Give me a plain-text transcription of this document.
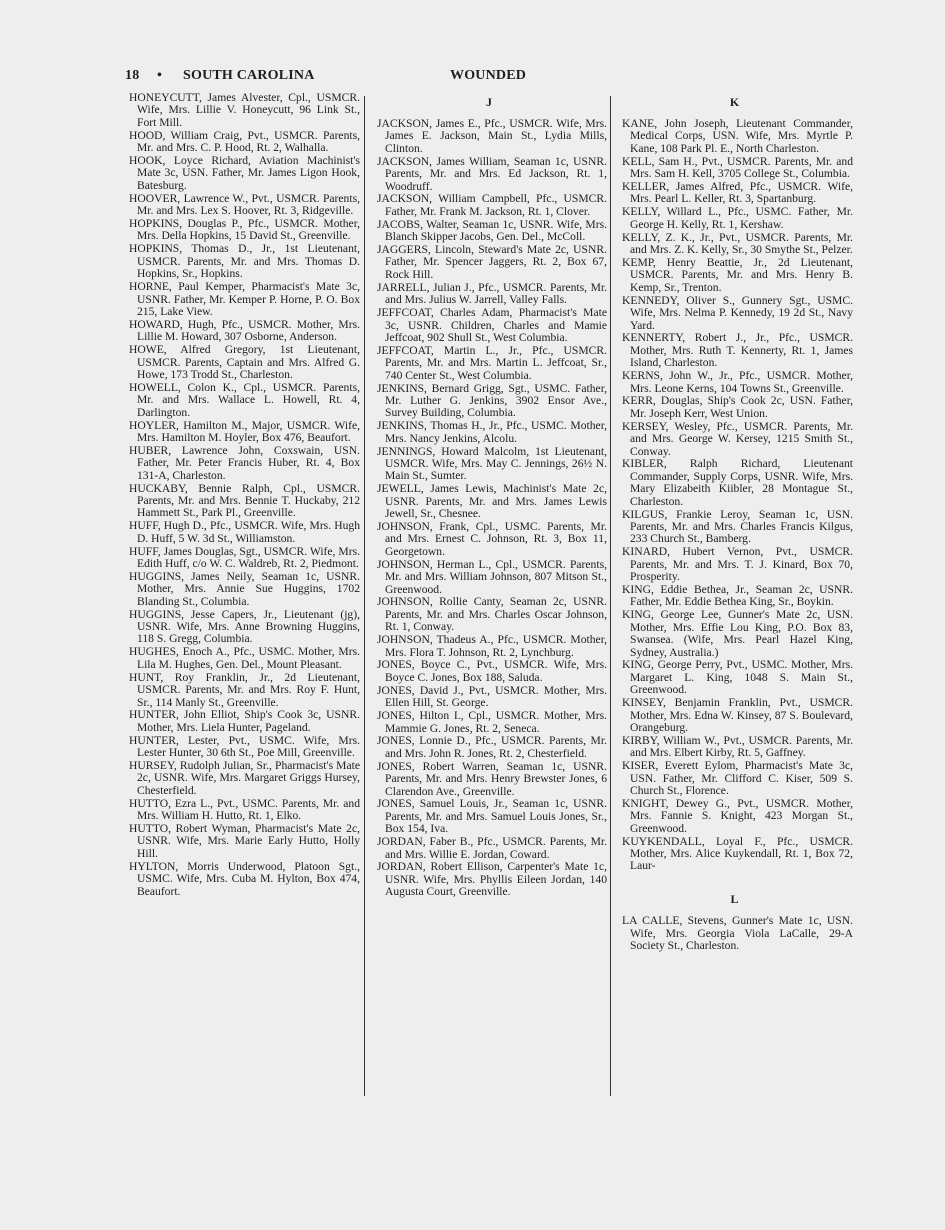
18 • SOUTH CAROLINA	WOUNDED

HONEYCUTT, James Alvester, Cpl., USMCR. Wife, Mrs. Lillie V. Honeycutt, 96 Link St., Fort Mill.

HOOD, William Craig, Pvt., USMCR. Parents, Mr. and Mrs. C. P. Hood, Rt. 2, Walhalla.

HOOK, Loyce Richard, Aviation Machinist's Mate 3c, USN. Father, Mr. James Ligon Hook, Batesburg.

HOOVER, Lawrence W., Pvt., USMCR. Parents, Mr. and Mrs. Lex S. Hoover, Rt. 3, Ridgeville.

HOPKINS, Douglas P., Pfc., USMCR. Mother, Mrs. Della Hopkins, 15 David St., Greenville.

HOPKINS, Thomas D., Jr., 1st Lieutenant, USMCR. Parents, Mr. and Mrs. Thomas D. Hopkins, Sr., Hopkins.

HORNE, Paul Kemper, Pharmacist's Mate 3c, USNR. Father, Mr. Kemper P. Horne, P. O. Box 215, Lake View.

HOWARD, Hugh, Pfc., USMCR. Mother, Mrs. Lillie M. Howard, 307 Osborne, Anderson.

HOWE, Alfred Gregory, 1st Lieutenant, USMCR. Parents, Captain and Mrs. Alfred G. Howe, 173 Trodd St., Charleston.

HOWELL, Colon K., Cpl., USMCR. Parents, Mr. and Mrs. Wallace L. Howell, Rt. 4, Darlington.

HOYLER, Hamilton M., Major, USMCR. Wife, Mrs. Hamilton M. Hoyler, Box 476, Beaufort.

HUBER, Lawrence John, Coxswain, USN. Father, Mr. Peter Francis Huber, Rt. 4, Box 131-A, Charleston.

HUCKABY, Bennie Ralph, Cpl., USMCR. Parents, Mr. and Mrs. Bennie T. Huckaby, 212 Hammett St., Park Pl., Greenville.

HUFF, Hugh D., Pfc., USMCR. Wife, Mrs. Hugh D. Huff, 5 W. 3d St., Williamston.

HUFF, James Douglas, Sgt., USMCR. Wife, Mrs. Edith Huff, c/o W. C. Waldreb, Rt. 2, Piedmont.

HUGGINS, James Neily, Seaman 1c, USNR. Mother, Mrs. Annie Sue Huggins, 1702 Blanding St., Columbia.

HUGGINS, Jesse Capers, Jr., Lieutenant (jg), USNR. Wife, Mrs. Anne Browning Huggins, 118 S. Gregg, Columbia.

HUGHES, Enoch A., Pfc., USMC. Mother, Mrs. Lila M. Hughes, Gen. Del., Mount Pleasant.

HUNT, Roy Franklin, Jr., 2d Lieutenant, USMCR. Parents, Mr. and Mrs. Roy F. Hunt, Sr., 114 Manly St., Greenville.

HUNTER, John Elliot, Ship's Cook 3c, USNR. Mother, Mrs. Liela Hunter, Pageland.

HUNTER, Lester, Pvt., USMC. Wife, Mrs. Lester Hunter, 30 6th St., Poe Mill, Greenville.

HURSEY, Rudolph Julian, Sr., Pharmacist's Mate 2c, USNR. Wife, Mrs. Margaret Griggs Hursey, Chesterfield.

HUTTO, Ezra L., Pvt., USMC. Parents, Mr. and Mrs. William H. Hutto, Rt. 1, Elko.

HUTTO, Robert Wyman, Pharmacist's Mate 2c, USNR. Wife, Mrs. Marie Early Hutto, Holly Hill.

HYLTON, Morris Underwood, Platoon Sgt., USMC. Wife, Mrs. Cuba M. Hylton, Box 474, Beaufort.

J

JACKSON, James E., Pfc., USMCR. Wife, Mrs. James E. Jackson, Main St., Lydia Mills, Clinton.

JACKSON, James William, Seaman 1c, USNR. Parents, Mr. and Mrs. Ed Jackson, Rt. 1, Woodruff.

JACKSON, William Campbell, Pfc., USMCR. Father, Mr. Frank M. Jackson, Rt. 1, Clover.

JACOBS, Walter, Seaman 1c, USNR. Wife, Mrs. Blanch Skipper Jacobs, Gen. Del., McColl.

JAGGERS, Lincoln, Steward's Mate 2c, USNR. Father, Mr. Spencer Jaggers, Rt. 2, Box 67, Rock Hill.

JARRELL, Julian J., Pfc., USMCR. Parents, Mr. and Mrs. Julius W. Jarrell, Valley Falls.

JEFFCOAT, Charles Adam, Pharmacist's Mate 3c, USNR. Children, Charles and Mamie Jeffcoat, 902 Shull St., West Columbia.

JEFFCOAT, Martin L., Jr., Pfc., USMCR. Parents, Mr. and Mrs. Martin L. Jeffcoat, Sr., 740 Center St., West Columbia.

JENKINS, Bernard Grigg, Sgt., USMC. Father, Mr. Luther G. Jenkins, 3902 Ensor Ave., Survey Building, Columbia.

JENKINS, Thomas H., Jr., Pfc., USMC. Mother, Mrs. Nancy Jenkins, Alcolu.

JENNINGS, Howard Malcolm, 1st Lieutenant, USMCR. Wife, Mrs. May C. Jennings, 26½ N. Main St., Sumter.

JEWELL, James Lewis, Machinist's Mate 2c, USNR. Parents, Mr. and Mrs. James Lewis Jewell, Sr., Chesnee.

JOHNSON, Frank, Cpl., USMC. Parents, Mr. and Mrs. Ernest C. Johnson, Rt. 3, Box 11, Georgetown.

JOHNSON, Herman L., Cpl., USMCR. Parents, Mr. and Mrs. William Johnson, 807 Mitson St., Greenwood.

JOHNSON, Rollie Canty, Seaman 2c, USNR. Parents, Mr. and Mrs. Charles Oscar Johnson, Rt. 1, Conway.

JOHNSON, Thadeus A., Pfc., USMCR. Mother, Mrs. Flora T. Johnson, Rt. 2, Lynchburg.

JONES, Boyce C., Pvt., USMCR. Wife, Mrs. Boyce C. Jones, Box 188, Saluda.

JONES, David J., Pvt., USMCR. Mother, Mrs. Ellen Hill, St. George.

JONES, Hilton I., Cpl., USMCR. Mother, Mrs. Mammie G. Jones, Rt. 2, Seneca.

JONES, Lonnie D., Pfc., USMCR. Parents, Mr. and Mrs. John R. Jones, Rt. 2, Chesterfield.

JONES, Robert Warren, Seaman 1c, USNR. Parents, Mr. and Mrs. Henry Brewster Jones, 6 Clarendon Ave., Greenville.

JONES, Samuel Louis, Jr., Seaman 1c, USNR. Parents, Mr. and Mrs. Samuel Louis Jones, Sr., Box 154, Iva.

JORDAN, Faber B., Pfc., USMCR. Parents, Mr. and Mrs. Willie E. Jordan, Coward.

JORDAN, Robert Ellison, Carpenter's Mate 1c, USNR. Wife, Mrs. Phyllis Eileen Jordan, 140 Augusta Court, Greenville.

K

KANE, John Joseph, Lieutenant Commander, Medical Corps, USN. Wife, Mrs. Myrtle P. Kane, 108 Park Pl. E., North Charleston.

KELL, Sam H., Pvt., USMCR. Parents, Mr. and Mrs. Sam H. Kell, 3705 College St., Columbia.

KELLER, James Alfred, Pfc., USMCR. Wife, Mrs. Pearl L. Keller, Rt. 3, Spartanburg.

KELLY, Willard L., Pfc., USMC. Father, Mr. George H. Kelly, Rt. 1, Kershaw.

KELLY, Z. K., Jr., Pvt., USMCR. Parents, Mr. and Mrs. Z. K. Kelly, Sr., 30 Smythe St., Pelzer.

KEMP, Henry Beattie, Jr., 2d Lieutenant, USMCR. Parents, Mr. and Mrs. Henry B. Kemp, Sr., Trenton.

KENNEDY, Oliver S., Gunnery Sgt., USMC. Wife, Mrs. Nelma P. Kennedy, 19 2d St., Navy Yard.

KENNERTY, Robert J., Jr., Pfc., USMCR. Mother, Mrs. Ruth T. Kennerty, Rt. 1, James Island, Charleston.

KERNS, John W., Jr., Pfc., USMCR. Mother, Mrs. Leone Kerns, 104 Towns St., Greenville.

KERR, Douglas, Ship's Cook 2c, USN. Father, Mr. Joseph Kerr, West Union.

KERSEY, Wesley, Pfc., USMCR. Parents, Mr. and Mrs. George W. Kersey, 1215 Smith St., Conway.

KIBLER, Ralph Richard, Lieutenant Commander, Supply Corps, USNR. Wife, Mrs. Mary Elizabeith Kiibler, 28 Montague St., Charleston.

KILGUS, Frankie Leroy, Seaman 1c, USN. Parents, Mr. and Mrs. Charles Francis Kilgus, 233 Church St., Bamberg.

KINARD, Hubert Vernon, Pvt., USMCR. Parents, Mr. and Mrs. T. J. Kinard, Box 70, Prosperity.

KING, Eddie Bethea, Jr., Seaman 2c, USNR. Father, Mr. Eddie Bethea King, Sr., Boykin.

KING, George Lee, Gunner's Mate 2c, USN. Mother, Mrs. Effie Lou King, P.O. Box 83, Swansea. (Wife, Mrs. Pearl Hazel King, Sydney, Australia.)

KING, George Perry, Pvt., USMC. Mother, Mrs. Margaret L. King, 1048 S. Main St., Greenwood.

KINSEY, Benjamin Franklin, Pvt., USMCR. Mother, Mrs. Edna W. Kinsey, 87 S. Boulevard, Orangeburg.

KIRBY, William W., Pvt., USMCR. Parents, Mr. and Mrs. Elbert Kirby, Rt. 5, Gaffney.

KISER, Everett Eylom, Pharmacist's Mate 3c, USN. Father, Mr. Clifford C. Kiser, 509 S. Church St., Florence.

KNIGHT, Dewey G., Pvt., USMCR. Mother, Mrs. Fannie S. Knight, 423 Morgan St., Greenwood.

KUYKENDALL, Loyal F., Pfc., USMCR. Mother, Mrs. Alice Kuykendall, Rt. 1, Box 72, Laur-

L

LA CALLE, Stevens, Gunner's Mate 1c, USN. Wife, Mrs. Georgia Viola LaCalle, 29-A Society St., Charleston.
